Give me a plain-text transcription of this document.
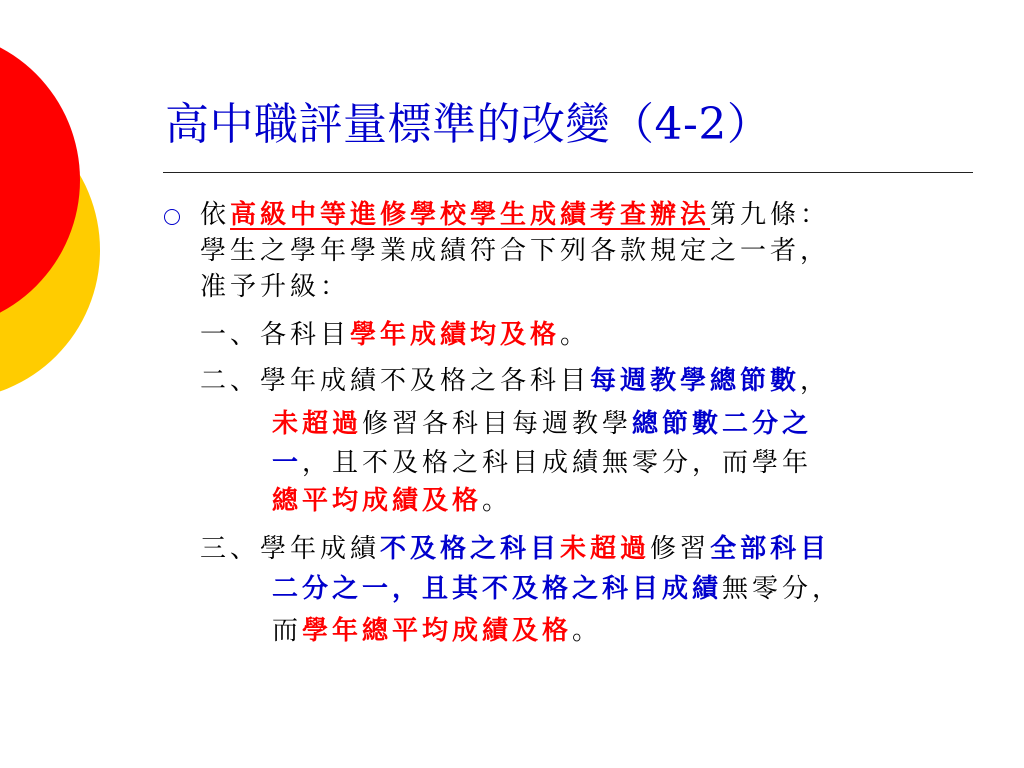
高中職評量標準的改變（4-2）
依高級中等進修學校學生成績考查辦法第九條：
學生之學年學業成績符合下列各款規定之一者，
准予升級：
一、各科目學年成績均及格。
二、學年成績不及格之各科目每週教學總節數，
未超過修習各科目每週教學總節數二分之
一，且不及格之科目成績無零分，而學年
總平均成績及格。
三、學年成績不及格之科目未超過修習全部科目
二分之一，且其不及格之科目成績無零分，
而學年總平均成績及格。
